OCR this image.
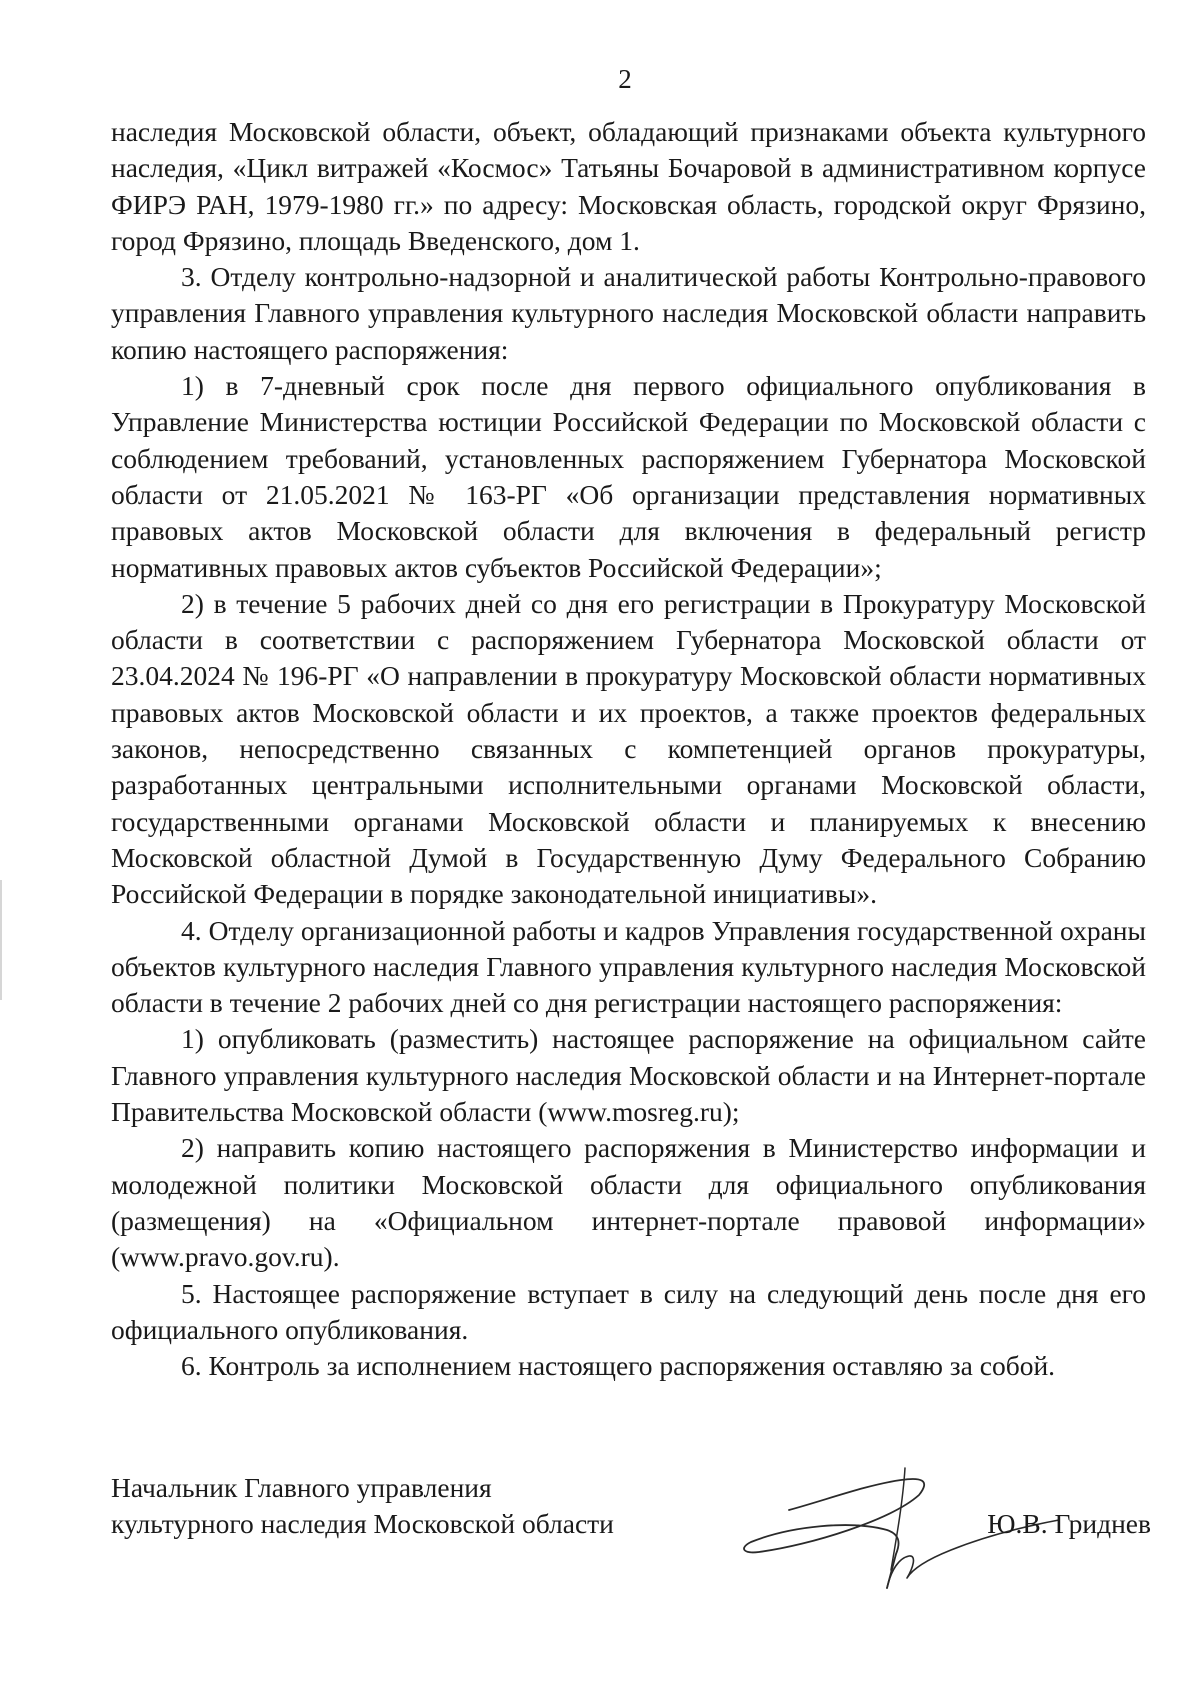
2

наследия Московской области, объект, обладающий признаками объекта культурного наследия, «Цикл витражей «Космос» Татьяны Бочаровой в административном корпусе ФИРЭ РАН, 1979-1980 гг.» по адресу: Московская область, городской округ Фрязино, город Фрязино, площадь Введенского, дом 1.

3. Отделу контрольно-надзорной и аналитической работы Контрольно-правового управления Главного управления культурного наследия Московской области направить копию настоящего распоряжения:

1) в 7-дневный срок после дня первого официального опубликования в Управление Министерства юстиции Российской Федерации по Московской области с соблюдением требований, установленных распоряжением Губернатора Московской области от 21.05.2021 № 163-РГ «Об организации представления нормативных правовых актов Московской области для включения в федеральный регистр нормативных правовых актов субъектов Российской Федерации»;

2) в течение 5 рабочих дней со дня его регистрации в Прокуратуру Московской области в соответствии с распоряжением Губернатора Московской области от 23.04.2024 № 196-РГ «О направлении в прокуратуру Московской области нормативных правовых актов Московской области и их проектов, а также проектов федеральных законов, непосредственно связанных с компетенцией органов прокуратуры, разработанных центральными исполнительными органами Московской области, государственными органами Московской области и планируемых к внесению Московской областной Думой в Государственную Думу Федерального Собранию Российской Федерации в порядке законодательной инициативы».

4. Отделу организационной работы и кадров Управления государственной охраны объектов культурного наследия Главного управления культурного наследия Московской области в течение 2 рабочих дней со дня регистрации настоящего распоряжения:

1) опубликовать (разместить) настоящее распоряжение на официальном сайте Главного управления культурного наследия Московской области и на Интернет-портале Правительства Московской области (www.mosreg.ru);

2) направить копию настоящего распоряжения в Министерство информации и молодежной политики Московской области для официального опубликования (размещения) на «Официальном интернет-портале правовой информации» (www.pravo.gov.ru).

5. Настоящее распоряжение вступает в силу на следующий день после дня его официального опубликования.

6. Контроль за исполнением настоящего распоряжения оставляю за собой.

Начальник Главного управления
культурного наследия Московской области	Ю.В. Гриднев
